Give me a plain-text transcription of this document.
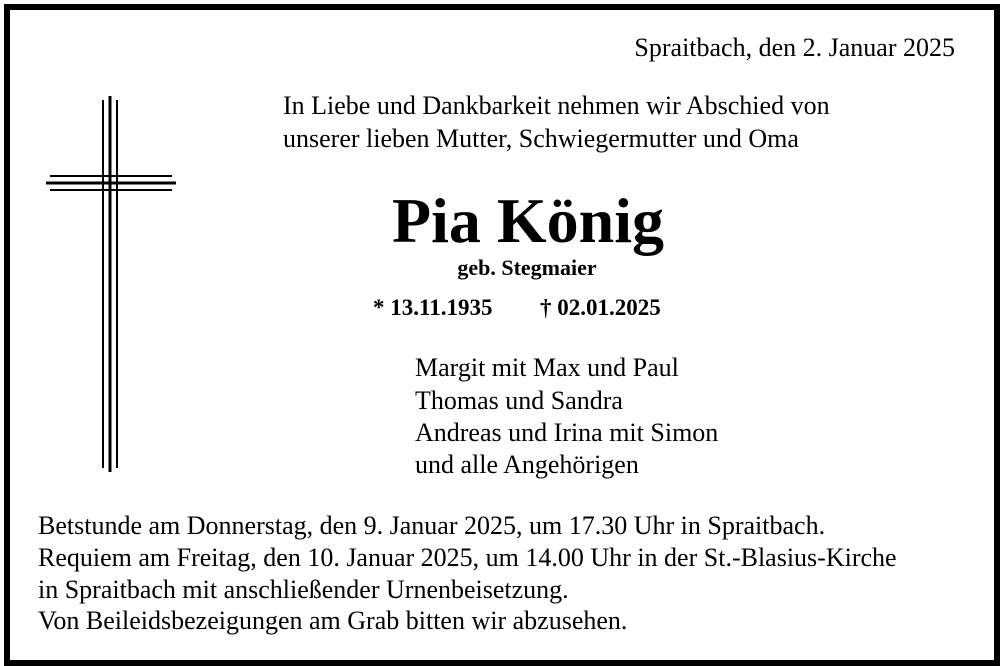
Spraitbach, den 2. Januar 2025
In Liebe und Dankbarkeit nehmen wir Abschied von
unserer lieben Mutter, Schwiegermutter und Oma
Pia König
geb. Stegmaier
* 13.11.1935 † 02.01.2025
Margit mit Max und Paul
Thomas und Sandra
Andreas und Irina mit Simon
und alle Angehörigen
Betstunde am Donnerstag, den 9. Januar 2025, um 17.30 Uhr in Spraitbach.
Requiem am Freitag, den 10. Januar 2025, um 14.00 Uhr in der St.-Blasius-Kirche
in Spraitbach mit anschließender Urnenbeisetzung.
Von Beileidsbezeigungen am Grab bitten wir abzusehen.
